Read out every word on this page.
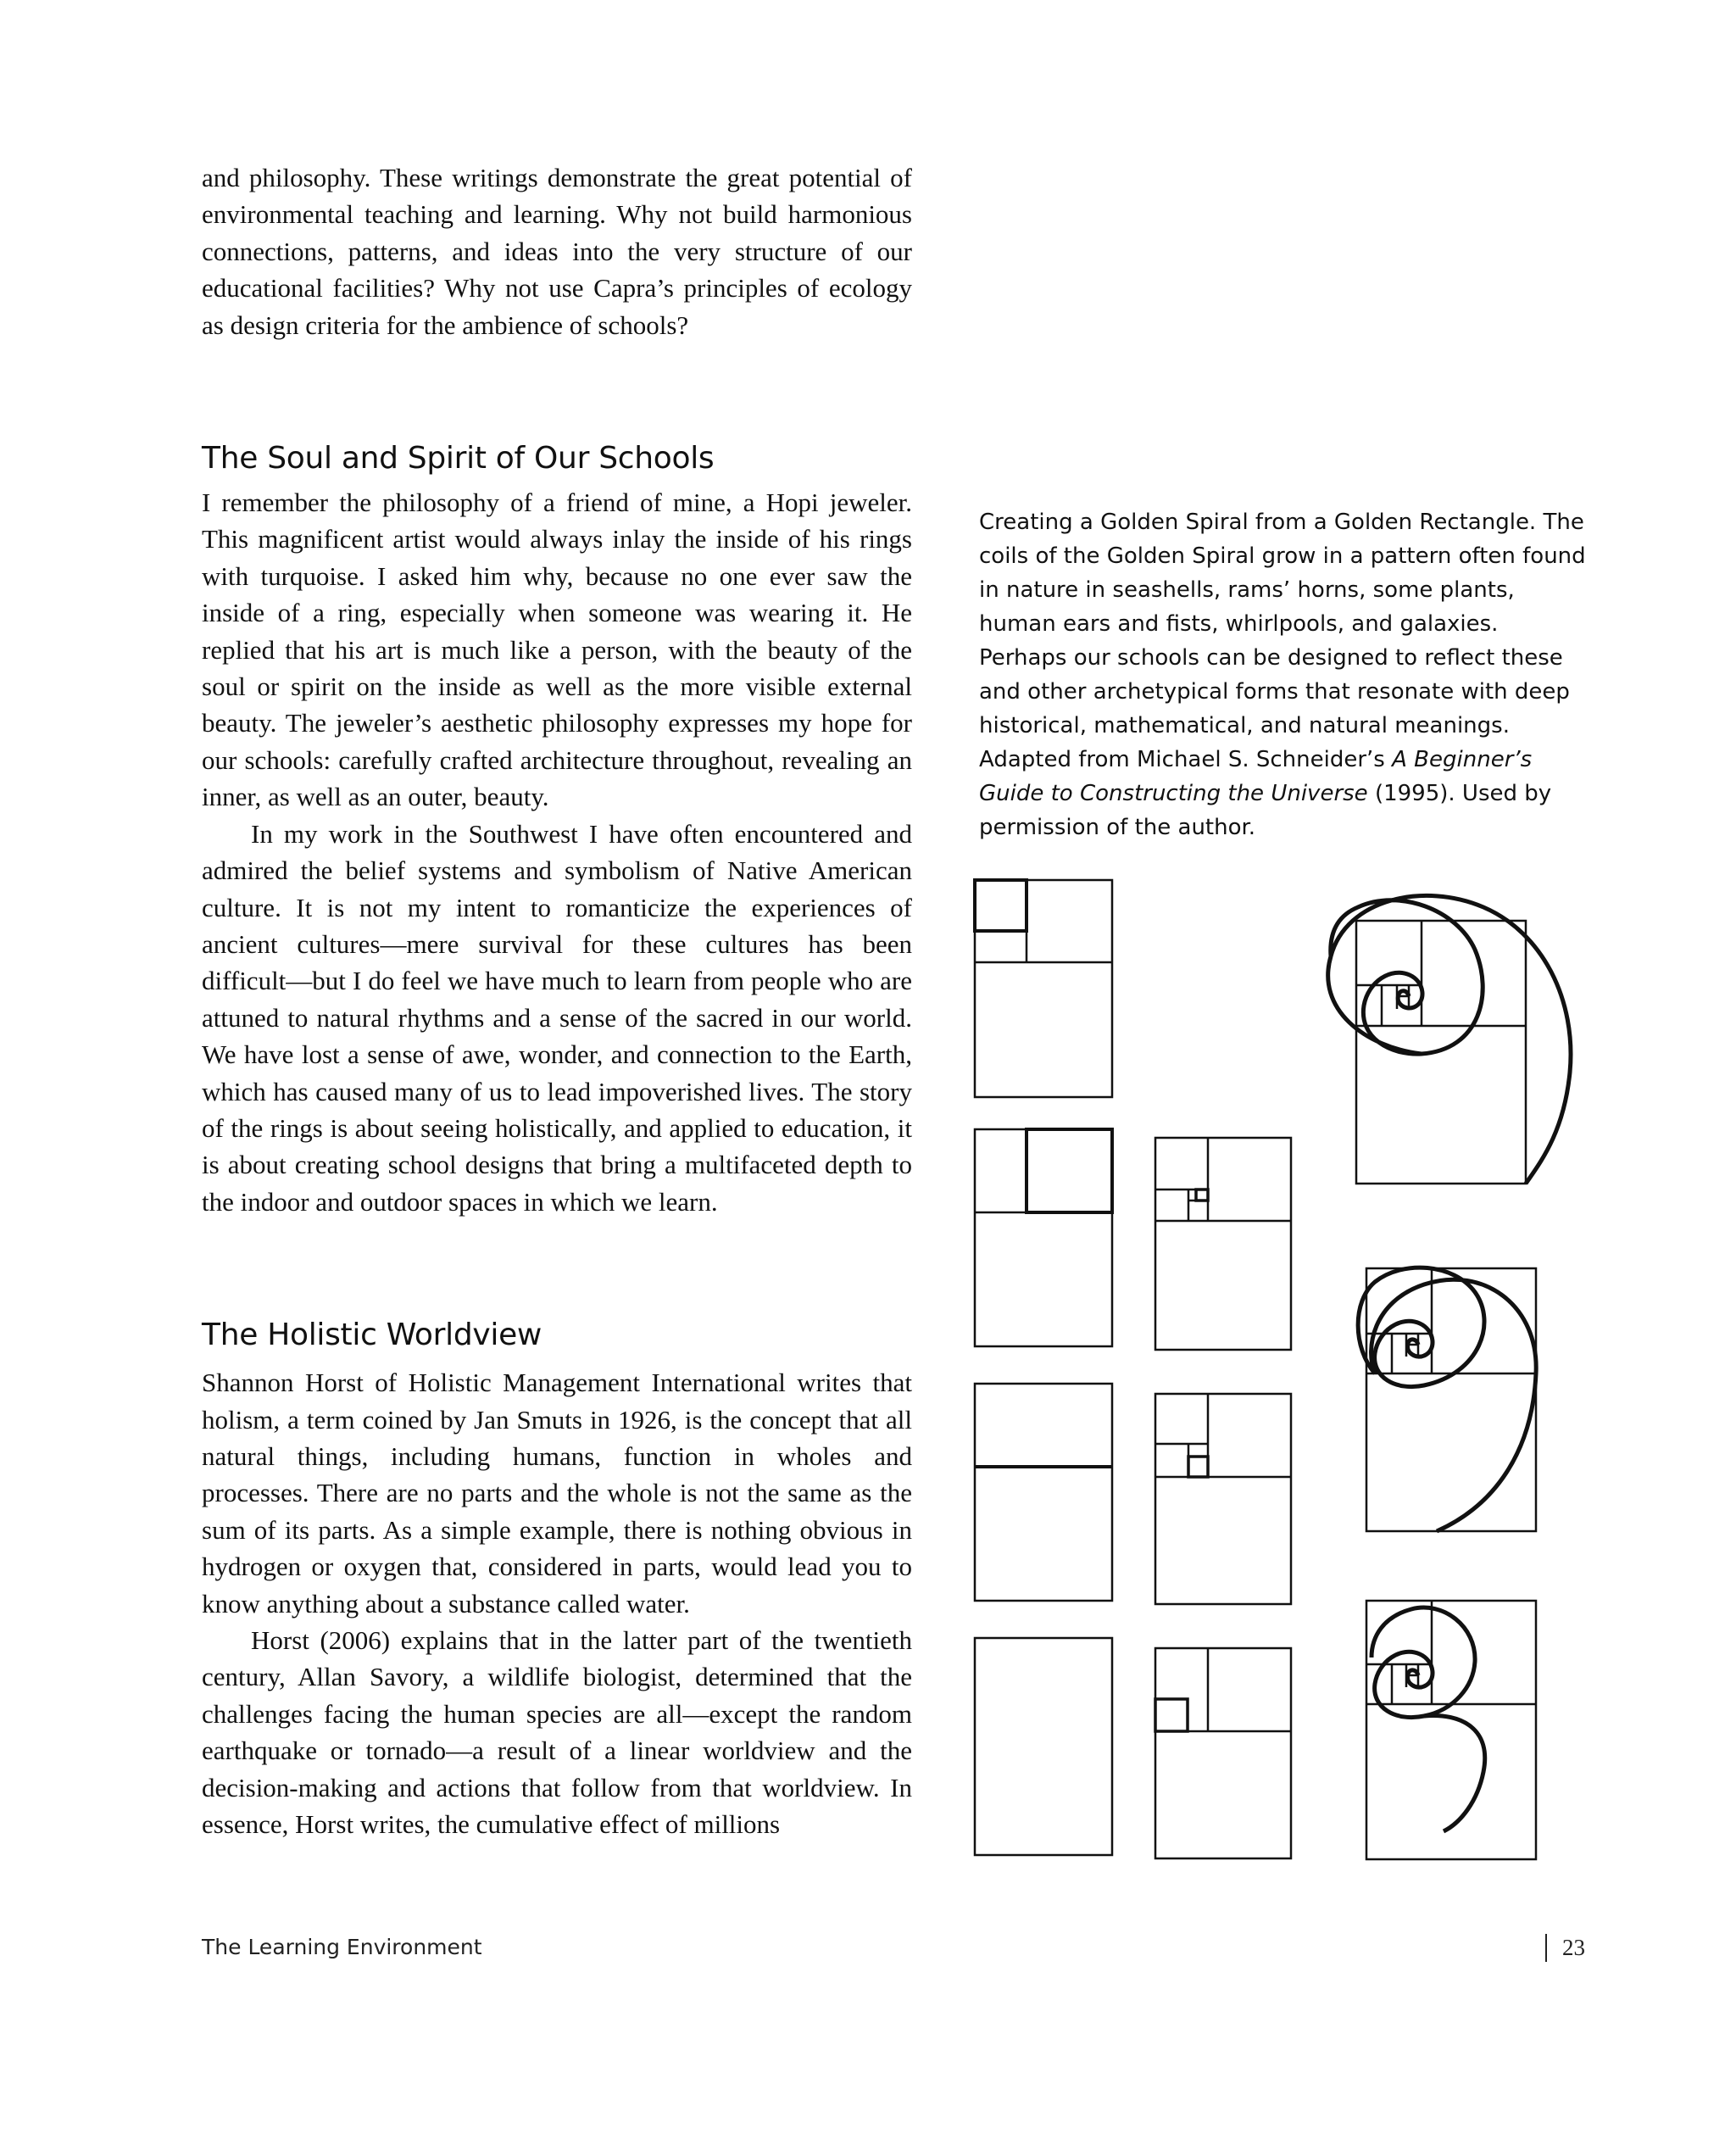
and philosophy. These writings demonstrate the great potential of environmental teaching and learning. Why not build harmonious connections, patterns, and ideas into the very structure of our educational facilities? Why not use Capra’s principles of ecology as design criteria for the ambience of schools?

The Soul and Spirit of Our Schools

I remember the philosophy of a friend of mine, a Hopi jeweler. This magnificent artist would always inlay the inside of his rings with turquoise. I asked him why, because no one ever saw the inside of a ring, especially when someone was wearing it. He replied that his art is much like a person, with the beauty of the soul or spirit on the inside as well as the more visible external beauty. The jeweler’s aesthetic philosophy expresses my hope for our schools: carefully crafted architecture throughout, revealing an inner, as well as an outer, beauty.

In my work in the Southwest I have often encountered and admired the belief systems and symbolism of Native American culture. It is not my intent to romanticize the experiences of ancient cultures—mere survival for these cultures has been difficult—but I do feel we have much to learn from people who are attuned to natural rhythms and a sense of the sacred in our world. We have lost a sense of awe, wonder, and connection to the Earth, which has caused many of us to lead impoverished lives. The story of the rings is about seeing holistically, and applied to education, it is about creating school designs that bring a multifaceted depth to the indoor and outdoor spaces in which we learn.

The Holistic Worldview

Shannon Horst of Holistic Management International writes that holism, a term coined by Jan Smuts in 1926, is the concept that all natural things, including humans, function in wholes and processes. There are no parts and the whole is not the same as the sum of its parts. As a simple example, there is nothing obvious in hydrogen or oxygen that, considered in parts, would lead you to know anything about a substance called water.

Horst (2006) explains that in the latter part of the twentieth century, Allan Savory, a wildlife biologist, determined that the challenges facing the human species are all—except the random earthquake or tornado—a result of a linear worldview and the decision-making and actions that follow from that worldview. In essence, Horst writes, the cumulative effect of millions

Creating a Golden Spiral from a Golden Rectangle. The coils of the Golden Spiral grow in a pattern often found in nature in seashells, rams’ horns, some plants, human ears and fists, whirlpools, and galaxies. Perhaps our schools can be designed to reflect these and other archetypical forms that resonate with deep historical, mathematical, and natural meanings. Adapted from Michael S. Schneider’s A Beginner’s Guide to Constructing the Universe (1995). Used by permission of the author.

The Learning Environment	23
